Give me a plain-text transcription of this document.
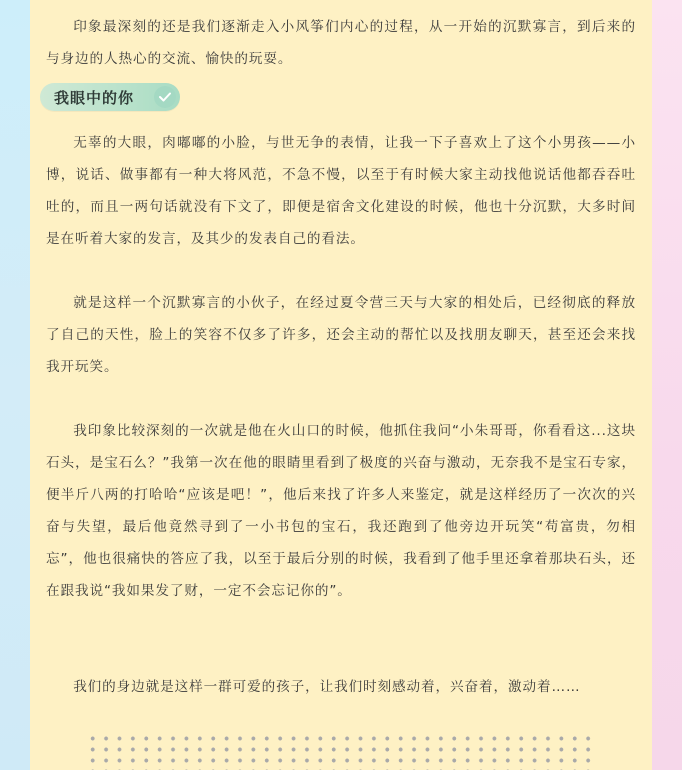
印象最深刻的还是我们逐渐走入小风筝们内心的过程，从一开始的沉默寡言，到后来的与身边的人热心的交流、愉快的玩耍。

我眼中的你

无辜的大眼，肉嘟嘟的小脸，与世无争的表情，让我一下子喜欢上了这个小男孩——小博，说话、做事都有一种大将风范，不急不慢，以至于有时候大家主动找他说话他都吞吞吐吐的，而且一两句话就没有下文了，即便是宿舍文化建设的时候，他也十分沉默，大多时间是在听着大家的发言，及其少的发表自己的看法。

就是这样一个沉默寡言的小伙子，在经过夏令营三天与大家的相处后，已经彻底的释放了自己的天性，脸上的笑容不仅多了许多，还会主动的帮忙以及找朋友聊天，甚至还会来找我开玩笑。

我印象比较深刻的一次就是他在火山口的时候，他抓住我问“小朱哥哥，你看看这...这块石头，是宝石么？”我第一次在他的眼睛里看到了极度的兴奋与激动，无奈我不是宝石专家，便半斤八两的打哈哈“应该是吧！”，他后来找了许多人来鉴定，就是这样经历了一次次的兴奋与失望，最后他竟然寻到了一小书包的宝石，我还跑到了他旁边开玩笑“苟富贵，勿相忘”，他也很痛快的答应了我，以至于最后分别的时候，我看到了他手里还拿着那块石头，还在跟我说“我如果发了财，一定不会忘记你的”。

我们的身边就是这样一群可爱的孩子，让我们时刻感动着，兴奋着，激动着……
